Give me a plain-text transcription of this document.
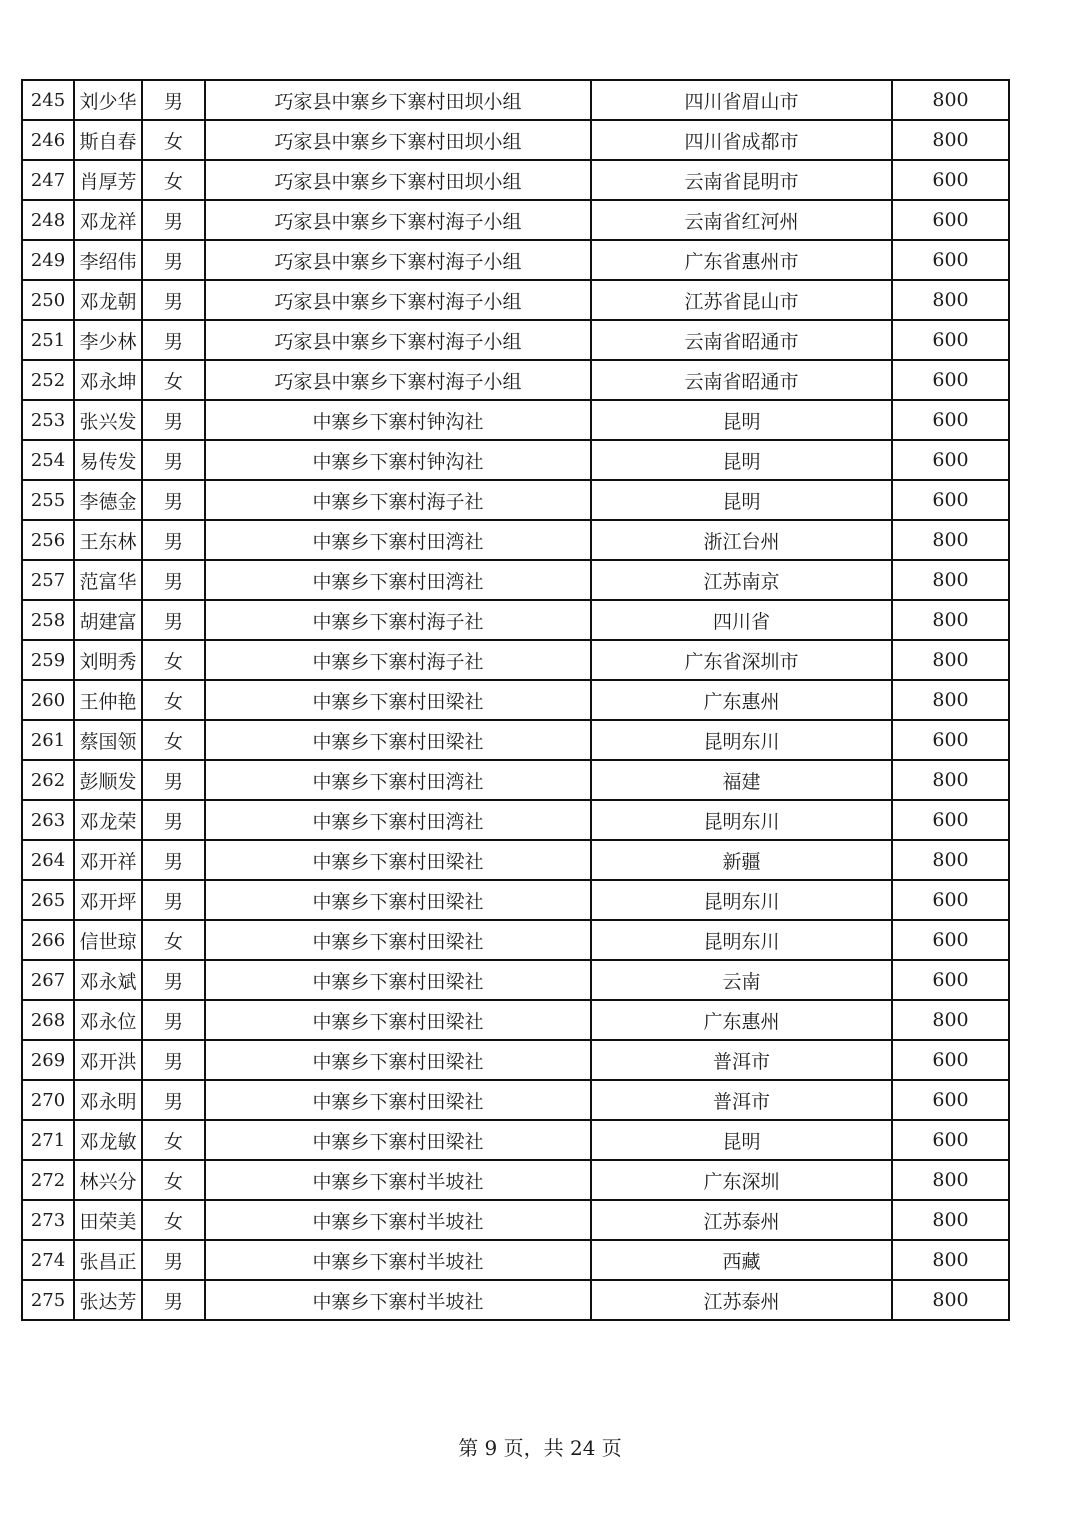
245	刘少华	男	巧家县中寨乡下寨村田坝小组	四川省眉山市	800
246	斯自春	女	巧家县中寨乡下寨村田坝小组	四川省成都市	800
247	肖厚芳	女	巧家县中寨乡下寨村田坝小组	云南省昆明市	600
248	邓龙祥	男	巧家县中寨乡下寨村海子小组	云南省红河州	600
249	李绍伟	男	巧家县中寨乡下寨村海子小组	广东省惠州市	600
250	邓龙朝	男	巧家县中寨乡下寨村海子小组	江苏省昆山市	800
251	李少林	男	巧家县中寨乡下寨村海子小组	云南省昭通市	600
252	邓永坤	女	巧家县中寨乡下寨村海子小组	云南省昭通市	600
253	张兴发	男	中寨乡下寨村钟沟社	昆明	600
254	易传发	男	中寨乡下寨村钟沟社	昆明	600
255	李德金	男	中寨乡下寨村海子社	昆明	600
256	王东林	男	中寨乡下寨村田湾社	浙江台州	800
257	范富华	男	中寨乡下寨村田湾社	江苏南京	800
258	胡建富	男	中寨乡下寨村海子社	四川省	800
259	刘明秀	女	中寨乡下寨村海子社	广东省深圳市	800
260	王仲艳	女	中寨乡下寨村田梁社	广东惠州	800
261	蔡国领	女	中寨乡下寨村田梁社	昆明东川	600
262	彭顺发	男	中寨乡下寨村田湾社	福建	800
263	邓龙荣	男	中寨乡下寨村田湾社	昆明东川	600
264	邓开祥	男	中寨乡下寨村田梁社	新疆	800
265	邓开坪	男	中寨乡下寨村田梁社	昆明东川	600
266	信世琼	女	中寨乡下寨村田梁社	昆明东川	600
267	邓永斌	男	中寨乡下寨村田梁社	云南	600
268	邓永位	男	中寨乡下寨村田梁社	广东惠州	800
269	邓开洪	男	中寨乡下寨村田梁社	普洱市	600
270	邓永明	男	中寨乡下寨村田梁社	普洱市	600
271	邓龙敏	女	中寨乡下寨村田梁社	昆明	600
272	林兴分	女	中寨乡下寨村半坡社	广东深圳	800
273	田荣美	女	中寨乡下寨村半坡社	江苏泰州	800
274	张昌正	男	中寨乡下寨村半坡社	西藏	800
275	张达芳	男	中寨乡下寨村半坡社	江苏泰州	800
第 9 页，共 24 页
